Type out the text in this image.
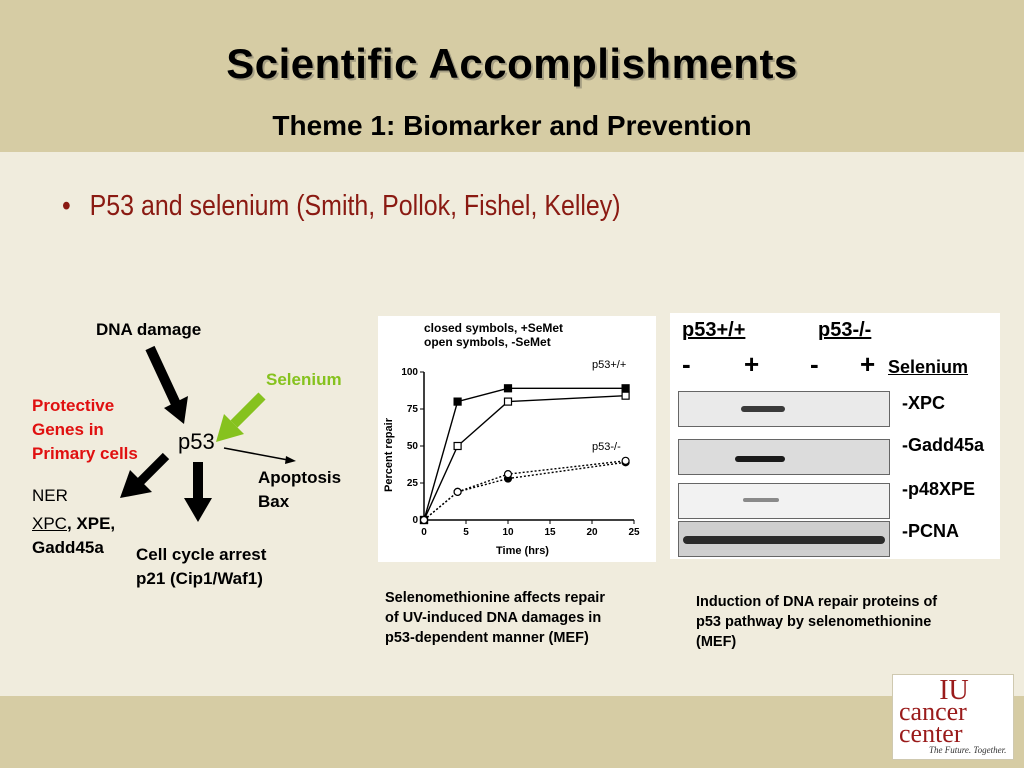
Scientific Accomplishments
Theme 1: Biomarker and Prevention
• P53 and selenium (Smith, Pollok, Fishel, Kelley)
DNA damage
Selenium
Protective
Genes in
Primary cells p53
Apoptosis
Bax
NER
XPC, XPE,
Gadd45a Cell cycle arrest
p21 (Cip1/Waf1)
0	5	10	15	20	25
0
25
50
75
100
closed symbols, +SeMet
open symbols, -SeMet
p53+/+
p53-/-
Percent repair
Time (hrs)
Selenomethionine affects repair
of UV-induced DNA damages in
p53-dependent manner (MEF)
p53+/+	p53-/-
- + - + Selenium
-XPC
-Gadd45a
-p48XPE
-PCNA
Induction of DNA repair proteins of
p53 pathway by selenomethionine
(MEF)
IU
cancer
center
The Future. Together.
